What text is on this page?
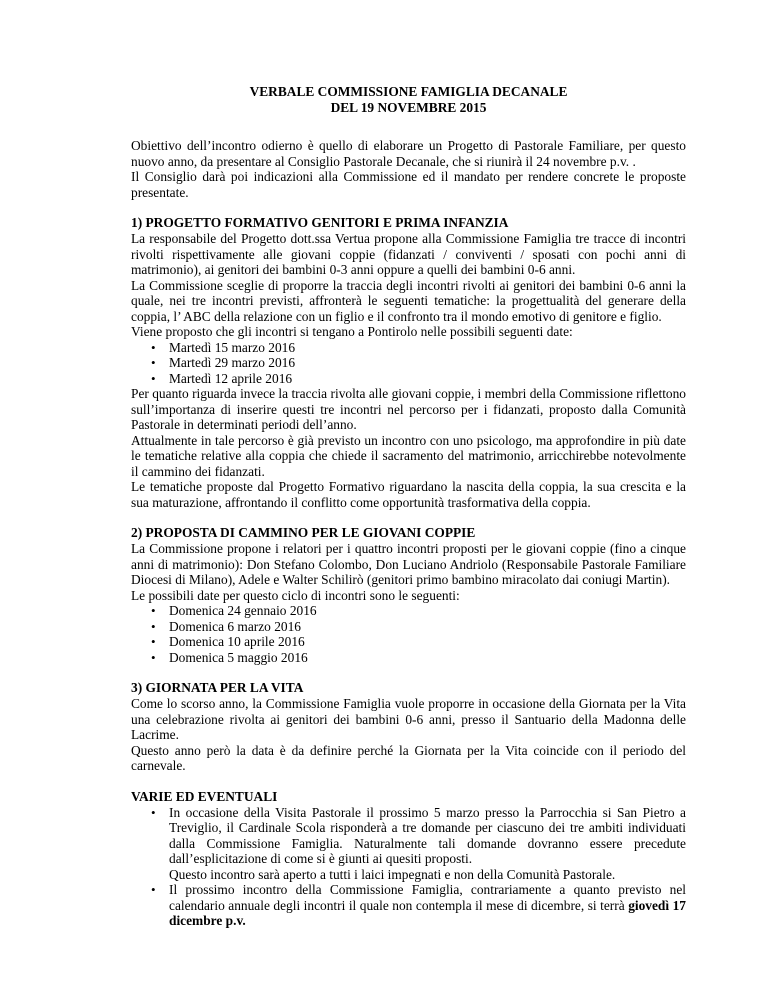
VERBALE COMMISSIONE FAMIGLIA DECANALE

DEL 19 NOVEMBRE 2015

Obiettivo dell’incontro odierno è quello di elaborare un Progetto di Pastorale Familiare, per questo nuovo anno, da presentare al Consiglio Pastorale Decanale, che si riunirà il 24 novembre p.v. .

Il Consiglio darà poi indicazioni alla Commissione ed il mandato per rendere concrete le proposte presentate.

1) PROGETTO FORMATIVO GENITORI E PRIMA INFANZIA

La responsabile del Progetto dott.ssa Vertua propone alla Commissione Famiglia tre tracce di incontri rivolti rispettivamente alle giovani coppie (fidanzati / conviventi / sposati con pochi anni di matrimonio), ai genitori dei bambini 0-3 anni oppure a quelli dei bambini 0-6 anni.

La Commissione sceglie di proporre la traccia degli incontri rivolti ai genitori dei bambini 0-6 anni la quale, nei tre incontri previsti, affronterà le seguenti tematiche: la progettualità del generare della coppia, l’ ABC della relazione con un figlio e il confronto tra il mondo emotivo di genitore e figlio.

Viene proposto che gli incontri si tengano a Pontirolo nelle possibili seguenti date:

• Martedì 15 marzo 2016
• Martedì 29 marzo 2016
• Martedì 12 aprile 2016

Per quanto riguarda invece la traccia rivolta alle giovani coppie, i membri della Commissione riflettono sull’importanza di inserire questi tre incontri nel percorso per i fidanzati, proposto dalla Comunità Pastorale in determinati periodi dell’anno.

Attualmente in tale percorso è già previsto un incontro con uno psicologo, ma approfondire in più date le tematiche relative alla coppia che chiede il sacramento del matrimonio, arricchirebbe notevolmente il cammino dei fidanzati.

Le tematiche proposte dal Progetto Formativo riguardano la nascita della coppia, la sua crescita e la sua maturazione, affrontando il conflitto come opportunità trasformativa della coppia.

2) PROPOSTA DI CAMMINO PER LE GIOVANI COPPIE

La Commissione propone i relatori per i quattro incontri proposti per le giovani coppie (fino a cinque anni di matrimonio): Don Stefano Colombo, Don Luciano Andriolo (Responsabile Pastorale Familiare Diocesi di Milano), Adele e Walter Schilirò (genitori primo bambino miracolato dai coniugi Martin).

Le possibili date per questo ciclo di incontri sono le seguenti:

• Domenica 24 gennaio 2016
• Domenica 6 marzo 2016
• Domenica 10 aprile 2016
• Domenica 5 maggio 2016
3) GIORNATA PER LA VITA

Come lo scorso anno, la Commissione Famiglia vuole proporre in occasione della Giornata per la Vita una celebrazione rivolta ai genitori dei bambini 0-6 anni, presso il Santuario della Madonna delle Lacrime.

Questo anno però la data è da definire perché la Giornata per la Vita coincide con il periodo del carnevale.

VARIE ED EVENTUALI
• In occasione della Visita Pastorale il prossimo 5 marzo presso la Parrocchia si San Pietro a Treviglio, il Cardinale Scola risponderà a tre domande per ciascuno dei tre ambiti individuati dalla Commissione Famiglia. Naturalmente tali domande dovranno essere precedute dall’esplicitazione di come si è giunti ai quesiti proposti.

Questo incontro sarà aperto a tutti i laici impegnati e non della Comunità Pastorale.

• Il prossimo incontro della Commissione Famiglia, contrariamente a quanto previsto nel calendario annuale degli incontri il quale non contempla il mese di dicembre, si terrà giovedì 17 dicembre p.v.
